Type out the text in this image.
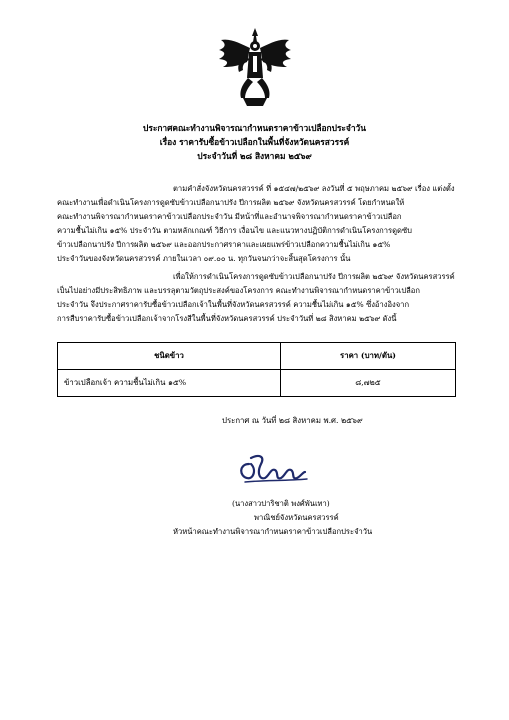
ประกาศคณะทำงานพิจารณากำหนดราคาข้าวเปลือกประจำวัน
เรื่อง ราคารับซื้อข้าวเปลือกในพื้นที่จังหวัดนครสวรรค์
ประจำวันที่ ๒๘ สิงหาคม ๒๕๖๙
ตามคำสั่งจังหวัดนครสวรรค์ ที่ ๑๕๔๗/๒๕๖๙ ลงวันที่ ๕ พฤษภาคม ๒๕๖๙ เรื่อง แต่งตั้ง
คณะทำงานเพื่อดำเนินโครงการดูดซับข้าวเปลือกนาปรัง ปีการผลิต ๒๕๖๙ จังหวัดนครสวรรค์ โดยกำหนดให้
คณะทำงานพิจารณากำหนดราคาข้าวเปลือกประจำวัน มีหน้าที่และอำนาจพิจารณากำหนดราคาข้าวเปลือก
ความชื้นไม่เกิน ๑๕% ประจำวัน ตามหลักเกณฑ์ วิธีการ เงื่อนไข และแนวทางปฏิบัติการดำเนินโครงการดูดซับ
ข้าวเปลือกนาปรัง ปีการผลิต ๒๕๖๙ และออกประกาศราคาและเผยแพร่ข้าวเปลือกความชื้นไม่เกิน ๑๕%
ประจำวันของจังหวัดนครสวรรค์ ภายในเวลา ๐๙.๐๐ น. ทุกวันจนกว่าจะสิ้นสุดโครงการ นั้น
เพื่อให้การดำเนินโครงการดูดซับข้าวเปลือกนาปรัง ปีการผลิต ๒๕๖๙ จังหวัดนครสวรรค์
เป็นไปอย่างมีประสิทธิภาพ และบรรลุตามวัตถุประสงค์ของโครงการ คณะทำงานพิจารณากำหนดราคาข้าวเปลือก
ประจำวัน จึงประกาศราคารับซื้อข้าวเปลือกเจ้าในพื้นที่จังหวัดนครสวรรค์ ความชื้นไม่เกิน ๑๕% ซึ่งอ้างอิงจาก
การสืบราคารับซื้อข้าวเปลือกเจ้าจากโรงสีในพื้นที่จังหวัดนครสวรรค์ ประจำวันที่ ๒๘ สิงหาคม ๒๕๖๙ ดังนี้
ชนิดข้าว	ราคา (บาท/ตัน)
ข้าวเปลือกเจ้า ความชื้นไม่เกิน ๑๕%	๘,๗๒๕
ประกาศ ณ วันที่ ๒๘ สิงหาคม พ.ศ. ๒๕๖๙
(นางสาวปาริชาติ พงศ์พันเทา)
พาณิชย์จังหวัดนครสวรรค์
หัวหน้าคณะทำงานพิจารณากำหนดราคาข้าวเปลือกประจำวัน
